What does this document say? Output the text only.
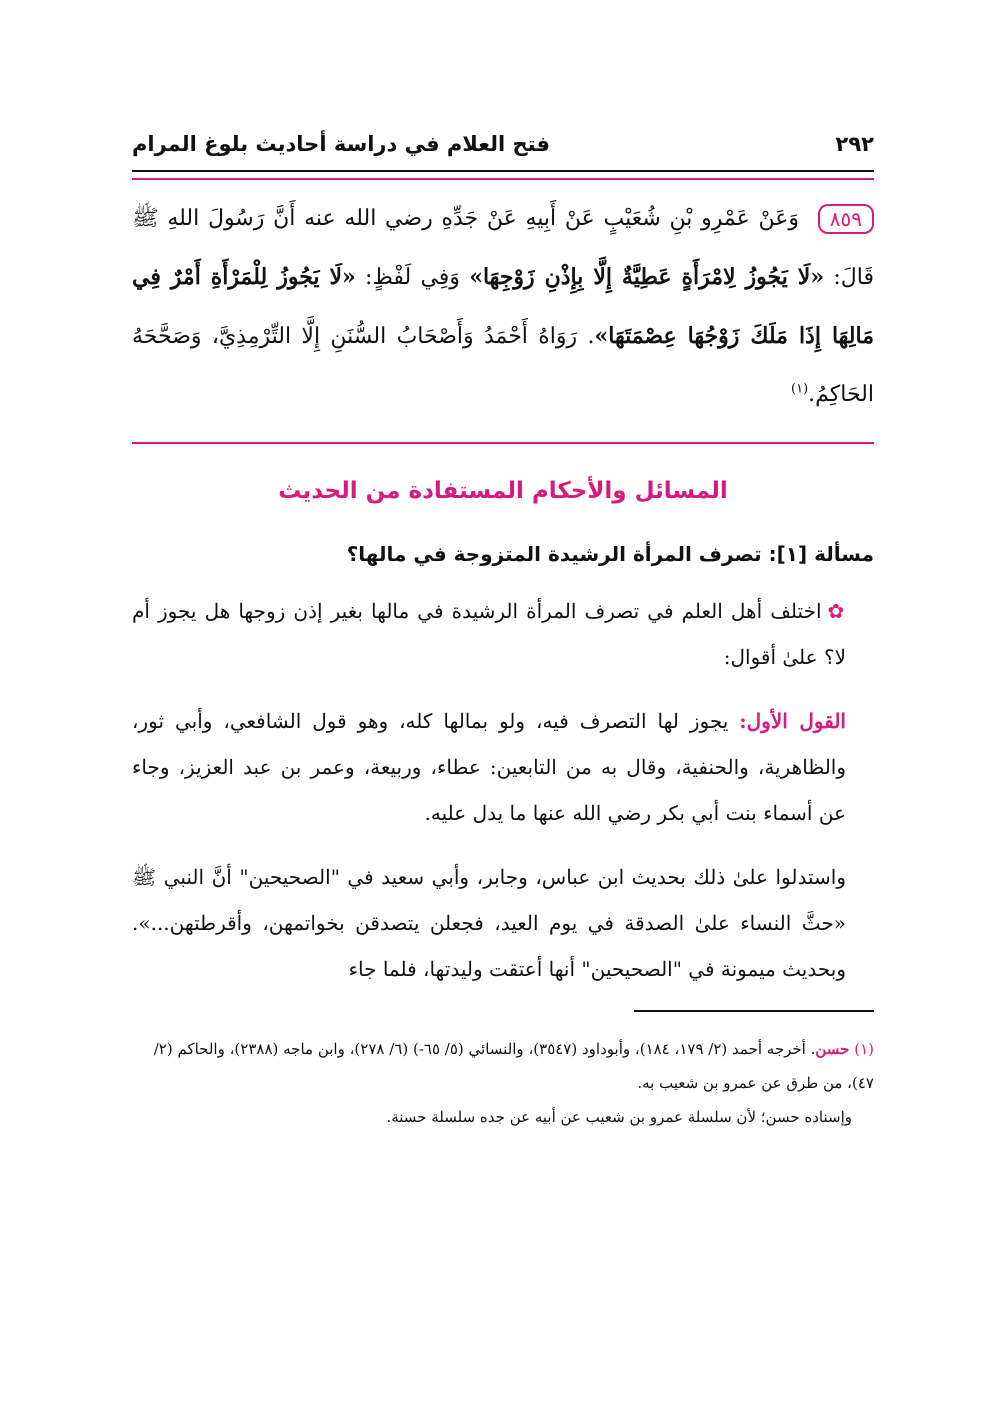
٢٩٢
فتح العلام في دراسة أحاديث بلوغ المرام
٨٥٩ وَعَنْ عَمْرِو بْنِ شُعَيْبٍ عَنْ أَبِيهِ عَنْ جَدِّهِ رضي الله عنه أَنَّ رَسُولَ اللهِ ﷺ قَالَ: «لَا يَجُوزُ لِامْرَأَةٍ عَطِيَّةٌ إِلَّا بِإِذْنِ زَوْجِهَا» وَفِي لَفْظٍ: «لَا يَجُوزُ لِلْمَرْأَةِ أَمْرٌ فِي مَالِهَا إِذَا مَلَكَ زَوْجُهَا عِصْمَتَهَا». رَوَاهُ أَحْمَدُ وَأَصْحَابُ السُّنَنِ إِلَّا التِّرْمِذِيَّ، وَصَحَّحَهُ الحَاكِمُ.$^{(١)}$
المسائل والأحكام المستفادة من الحديث
مسألة [١]: تصرف المرأة الرشيدة المتزوجة في مالها؟
✿اختلف أهل العلم في تصرف المرأة الرشيدة في مالها بغير إذن زوجها هل يجوز أم لا؟ علىٰ أقوال:
القول الأول: يجوز لها التصرف فيه، ولو بمالها كله، وهو قول الشافعي، وأبي ثور، والظاهرية، والحنفية، وقال به من التابعين: عطاء، وربيعة، وعمر بن عبد العزيز، وجاء عن أسماء بنت أبي بكر رضي الله عنها ما يدل عليه.
واستدلوا علىٰ ذلك بحديث ابن عباس، وجابر، وأبي سعيد في "الصحيحين" أنَّ النبي ﷺ «حثَّ النساء علىٰ الصدقة في يوم العيد، فجعلن يتصدقن بخواتمهن، وأقرطتهن...». وبحديث ميمونة في "الصحيحين" أنها أعتقت وليدتها، فلما جاء
(١) حسن. أخرجه أحمد (٢/ ١٧٩، ١٨٤)، وأبوداود (٣٥٤٧)، والنسائي (٥/ ٦٥-) (٦/ ٢٧٨)، وابن ماجه (٢٣٨٨)، والحاكم (٢/ ٤٧)، من طرق عن عمرو بن شعيب به.
وإسناده حسن؛ لأن سلسلة عمرو بن شعيب عن أبيه عن جده سلسلة حسنة.
